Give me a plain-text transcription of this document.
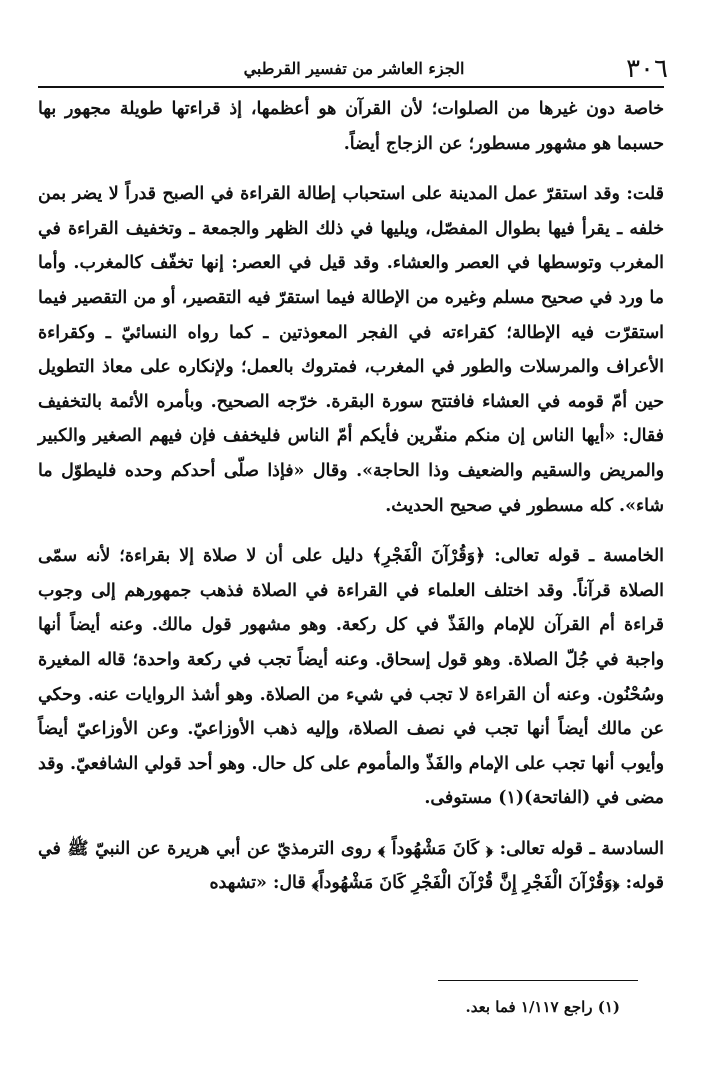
٣٠٦
الجزء العاشر من تفسير القرطبي

خاصة دون غيرها من الصلوات؛ لأن القرآن هو أعظمها، إذ قراءتها طويلة مجهور بها حسبما هو مشهور مسطور؛ عن الزجاج أيضاً.

قلت: وقد استقرّ عمل المدينة على استحباب إطالة القراءة في الصبح قدراً لا يضر بمن خلفه ـ يقرأ فيها بطوال المفصّل، ويليها في ذلك الظهر والجمعة ـ وتخفيف القراءة في المغرب وتوسطها في العصر والعشاء. وقد قيل في العصر: إنها تخفّف كالمغرب. وأما ما ورد في صحيح مسلم وغيره من الإطالة فيما استقرّ فيه التقصير، أو من التقصير فيما استقرّت فيه الإطالة؛ كقراءته في الفجر المعوذتين ـ كما رواه النسائيّ ـ وكقراءة الأعراف والمرسلات والطور في المغرب، فمتروك بالعمل؛ ولإنكاره على معاذ التطويل حين أمّ قومه في العشاء فافتتح سورة البقرة. خرّجه الصحيح. وبأمره الأئمة بالتخفيف فقال: «أيها الناس إن منكم منفّرين فأيكم أمّ الناس فليخفف فإن فيهم الصغير والكبير والمريض والسقيم والضعيف وذا الحاجة». وقال «فإذا صلّى أحدكم وحده فليطوّل ما شاء». كله مسطور في صحيح الحديث.

الخامسة ـ قوله تعالى: ﴿وَقُرْآنَ الْفَجْرِ﴾ دليل على أن لا صلاة إلا بقراءة؛ لأنه سمّى الصلاة قرآناً. وقد اختلف العلماء في القراءة في الصلاة فذهب جمهورهم إلى وجوب قراءة أم القرآن للإمام والفَذّ في كل ركعة. وهو مشهور قول مالك. وعنه أيضاً أنها واجبة في جُلّ الصلاة. وهو قول إسحاق. وعنه أيضاً تجب في ركعة واحدة؛ قاله المغيرة وسُحْنُون. وعنه أن القراءة لا تجب في شيء من الصلاة. وهو أشذ الروايات عنه. وحكي عن مالك أيضاً أنها تجب في نصف الصلاة، وإليه ذهب الأوزاعيّ. وعن الأوزاعيّ أيضاً وأيوب أنها تجب على الإمام والفَذّ والمأموم على كل حال. وهو أحد قولي الشافعيّ. وقد مضى في (الفاتحة)(١) مستوفى.

السادسة ـ قوله تعالى: ﴿ كَانَ مَشْهُوداً ﴾ روى الترمذيّ عن أبي هريرة عن النبيّ ﷺ في قوله: ﴿وَقُرْآنَ الْفَجْرِ إِنَّ قُرْآنَ الْفَجْرِ كَانَ مَشْهُوداً﴾ قال: «تشهده

(١) راجع ١/١١٧ فما بعد.
